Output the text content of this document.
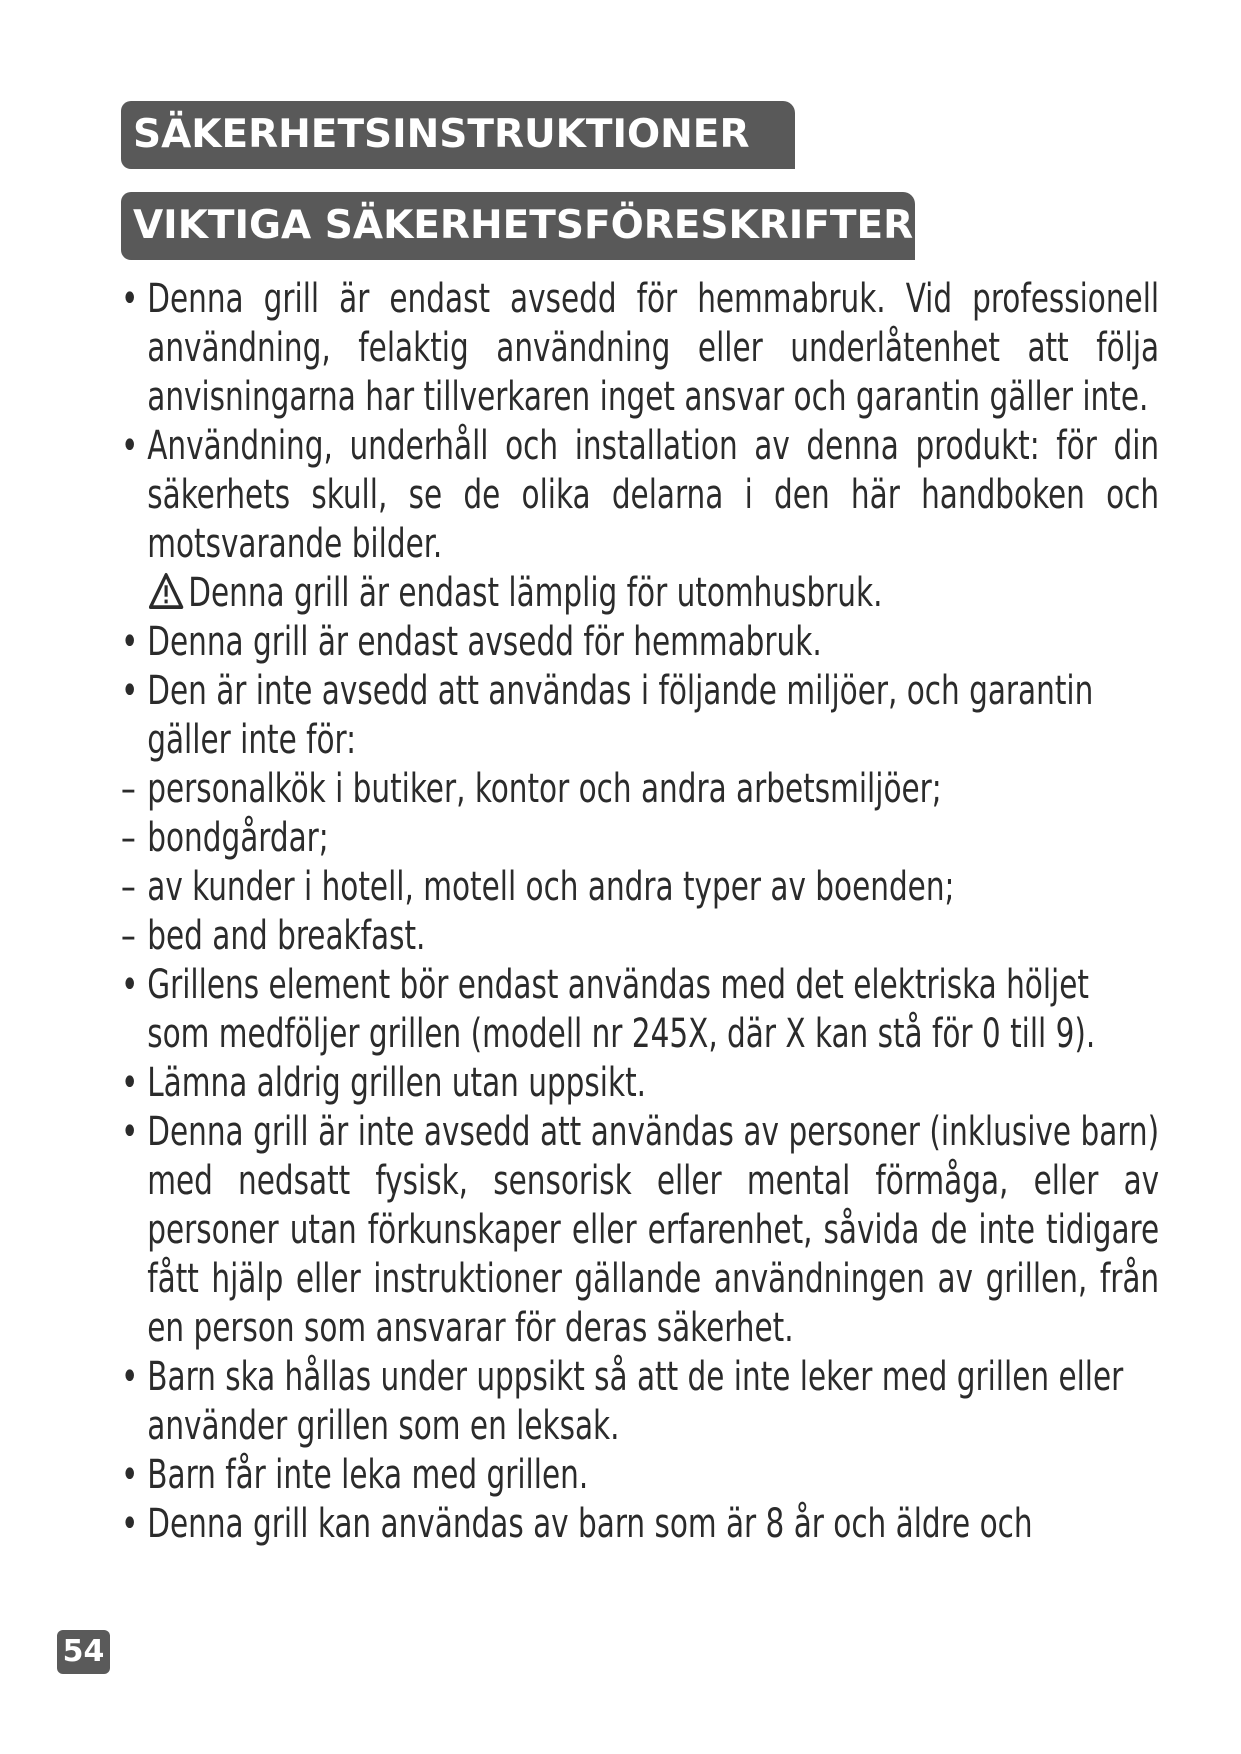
SÄKERHETSINSTRUKTIONER
VIKTIGA SÄKERHETSFÖRESKRIFTER

• Denna grill är endast avsedd för hemmabruk. Vid professionell användning, felaktig användning eller underlåtenhet att följa anvisningarna har tillverkaren inget ansvar och garantin gäller inte.

• Användning, underhåll och installation av denna produkt: för din säkerhets skull, se de olika delarna i den här handboken och motsvarande bilder.

Denna grill är endast lämplig för utomhusbruk.

• Denna grill är endast avsedd för hemmabruk.

• Den är inte avsedd att användas i följande miljöer, och garantin gäller inte för:

– personalkök i butiker, kontor och andra arbetsmiljöer;

– bondgårdar;

– av kunder i hotell, motell och andra typer av boenden;

– bed and breakfast.

• Grillens element bör endast användas med det elektriska höljet som medföljer grillen (modell nr 245X, där X kan stå för 0 till 9).

• Lämna aldrig grillen utan uppsikt.

• Denna grill är inte avsedd att användas av personer (inklusive barn) med nedsatt fysisk, sensorisk eller mental förmåga, eller av personer utan förkunskaper eller erfarenhet, såvida de inte tidigare fått hjälp eller instruktioner gällande användningen av grillen, från en person som ansvarar för deras säkerhet.

• Barn ska hållas under uppsikt så att de inte leker med grillen eller använder grillen som en leksak.

• Barn får inte leka med grillen.

• Denna grill kan användas av barn som är 8 år och äldre och

54
